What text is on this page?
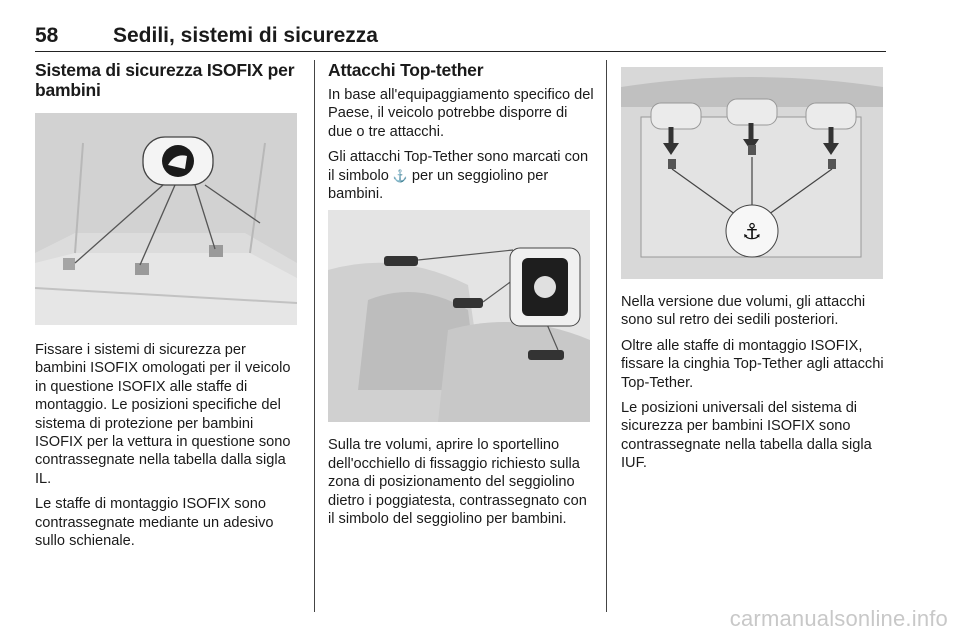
58	Sedili, sistemi di sicurezza
Sistema di sicurezza ISOFIX per bambini

Fissare i sistemi di sicurezza per bambini ISOFIX omologati per il veicolo in questione ISOFIX alle staffe di montaggio. Le posizioni specifiche del sistema di protezione per bambini ISOFIX per la vettura in questione sono contrassegnate nella tabella dalla sigla IL.

Le staffe di montaggio ISOFIX sono contrassegnate mediante un adesivo sullo schienale.

Attacchi Top-tether

In base all'equipaggiamento specifico del Paese, il veicolo potrebbe disporre di due o tre attacchi.

Gli attacchi Top-Tether sono marcati con il simbolo ⚓ per un seggiolino per bambini.

Sulla tre volumi, aprire lo sportellino dell'occhiello di fissaggio richiesto sulla zona di posizionamento del seggiolino dietro i poggiatesta, contrassegnato con il simbolo del seggiolino per bambini.

⚓

Nella versione due volumi, gli attacchi sono sul retro dei sedili posteriori.

Oltre alle staffe di montaggio ISOFIX, fissare la cinghia Top-Tether agli attacchi Top-Tether.

Le posizioni universali del sistema di sicurezza per bambini ISOFIX sono contrassegnate nella tabella dalla sigla IUF.

carmanualsonline.info
